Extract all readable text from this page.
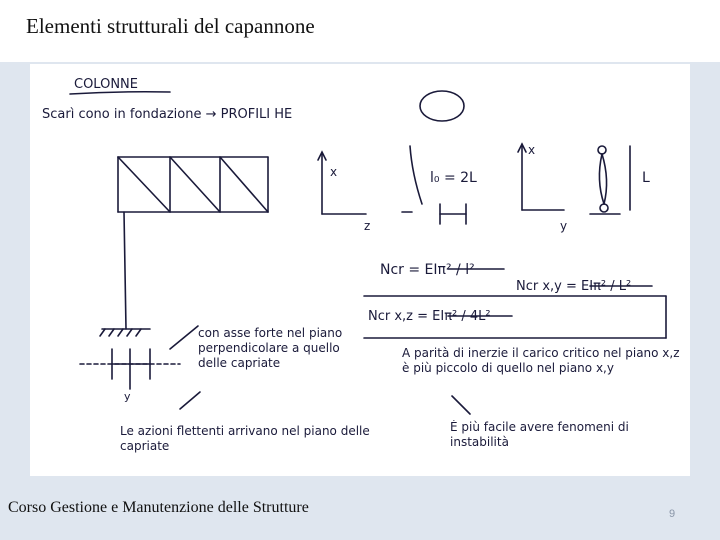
Elementi strutturali del capannone
COLONNE
Scarì cono in fondazione → PROFILI HE
l₀ = 2L
x
z
x
y
L
Ncr = EIπ² / l²
Ncr x,z = EIπ² / 4L²
Ncr x,y = EIπ² / L²
y
con asse forte nel piano perpendicolare a quello delle capriate
Le azioni flettenti arrivano nel piano delle capriate
A parità di inerzie il carico critico nel piano x,z è più piccolo di quello nel piano x,y
È più facile avere fenomeni di instabilità
Corso Gestione e Manutenzione delle Strutture	9
